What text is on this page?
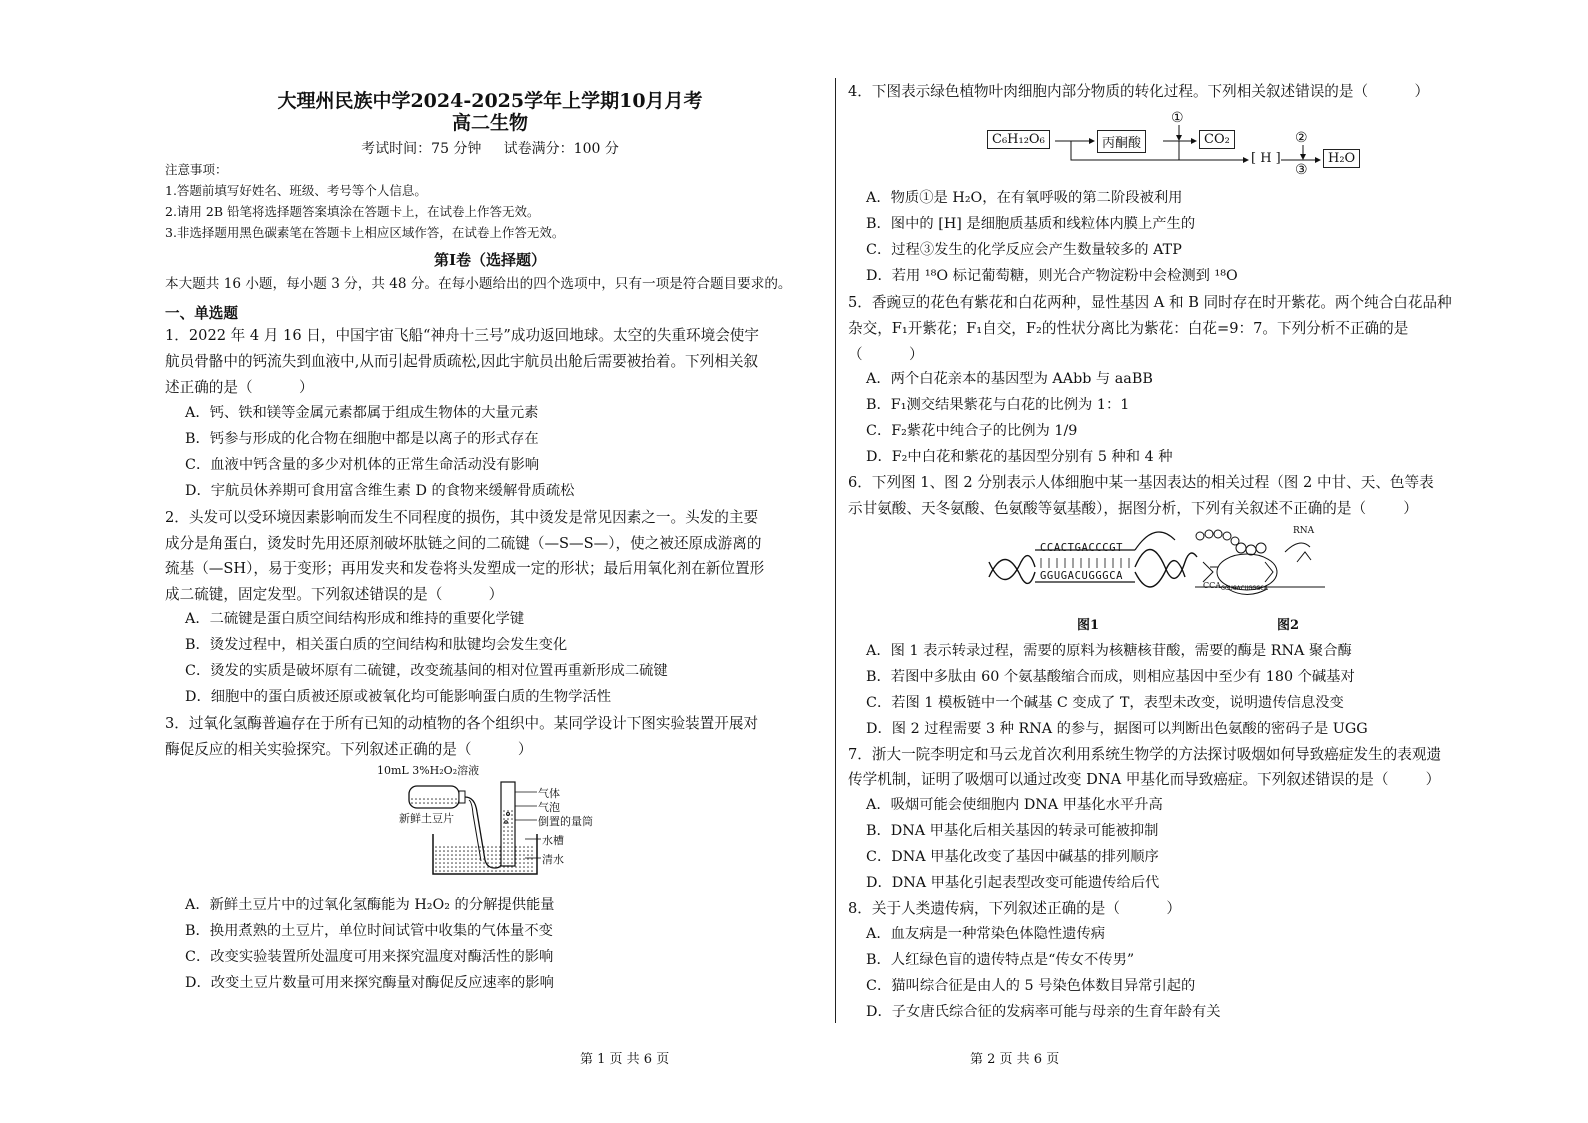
大理州民族中学2024-2025学年上学期10月月考
高二生物
考试时间：75 分钟     试卷满分：100 分
注意事项：
1.答题前填写好姓名、班级、考号等个人信息。
2.请用 2B 铅笔将选择题答案填涂在答题卡上，在试卷上作答无效。
3.非选择题用黑色碳素笔在答题卡上相应区域作答，在试卷上作答无效。
第Ⅰ卷（选择题）
本大题共 16 小题，每小题 3 分，共 48 分。在每小题给出的四个选项中，只有一项是符合题目要求的。
一、单选题
1．2022 年 4 月 16 日，中国宇宙飞船“神舟十三号”成功返回地球。太空的失重环境会使宇
航员骨骼中的钙流失到血液中,从而引起骨质疏松,因此宇航员出舱后需要被抬着。下列相关叙
述正确的是（          ）
A．钙、铁和镁等金属元素都属于组成生物体的大量元素
B．钙参与形成的化合物在细胞中都是以离子的形式存在
C．血液中钙含量的多少对机体的正常生命活动没有影响
D．宇航员休养期可食用富含维生素 D 的食物来缓解骨质疏松
2．头发可以受环境因素影响而发生不同程度的损伤，其中烫发是常见因素之一。头发的主要
成分是角蛋白，烫发时先用还原剂破坏肽链之间的二硫键（—S—S—），使之被还原成游离的
巯基（—SH），易于变形；再用发夹和发卷将头发塑成一定的形状；最后用氧化剂在新位置形
成二硫键，固定发型。下列叙述错误的是（          ）
A．二硫键是蛋白质空间结构形成和维持的重要化学键
B．烫发过程中，相关蛋白质的空间结构和肽键均会发生变化
C．烫发的实质是破坏原有二硫键，改变巯基间的相对位置再重新形成二硫键
D．细胞中的蛋白质被还原或被氧化均可能影响蛋白质的生物学活性
3．过氧化氢酶普遍存在于所有已知的动植物的各个组织中。某同学设计下图实验装置开展对
酶促反应的相关实验探究。下列叙述正确的是（          ）
10mL 3%H₂O₂溶液
新鲜土豆片
气体
气泡
倒置的量筒
水槽
清水
A．新鲜土豆片中的过氧化氢酶能为 H₂O₂ 的分解提供能量
B．换用煮熟的土豆片，单位时间试管中收集的气体量不变
C．改变实验装置所处温度可用来探究温度对酶活性的影响
D．改变土豆片数量可用来探究酶量对酶促反应速率的影响
4．下图表示绿色植物叶肉细胞内部分物质的转化过程。下列相关叙述错误的是（          ）
C₆H₁₂O₆	丙酮酸	CO₂
[ H ]	H₂O
①
②
③
A．物质①是 H₂O，在有氧呼吸的第二阶段被利用
B．图中的 [H] 是细胞质基质和线粒体内膜上产生的
C．过程③发生的化学反应会产生数量较多的 ATP
D．若用 ¹⁸O 标记葡萄糖，则光合产物淀粉中会检测到 ¹⁸O
5．香豌豆的花色有紫花和白花两种，显性基因 A 和 B 同时存在时开紫花。两个纯合白花品种
杂交，F₁开紫花；F₁自交，F₂的性状分离比为紫花：白花=9：7。下列分析不正确的是
（          ）
A．两个白花亲本的基因型为 AAbb 与 aaBB
B．F₁测交结果紫花与白花的比例为 1：1
C．F₂紫花中纯合子的比例为 1/9
D．F₂中白花和紫花的基因型分别有 5 种和 4 种
6．下列图 1、图 2 分别表示人体细胞中某一基因表达的相关过程（图 2 中甘、天、色等表
示甘氨酸、天冬氨酸、色氨酸等氨基酸），据图分析，下列有关叙述不正确的是（        ）
CCACTGACCCGT
GGUGACUGGGCA
RNA
CCA GGUGACUGGGCA
图1	图2
A．图 1 表示转录过程，需要的原料为核糖核苷酸，需要的酶是 RNA 聚合酶
B．若图中多肽由 60 个氨基酸缩合而成，则相应基因中至少有 180 个碱基对
C．若图 1 模板链中一个碱基 C 变成了 T，表型未改变，说明遗传信息没变
D．图 2 过程需要 3 种 RNA 的参与，据图可以判断出色氨酸的密码子是 UGG
7．浙大一院李明定和马云龙首次利用系统生物学的方法探讨吸烟如何导致癌症发生的表观遗
传学机制，证明了吸烟可以通过改变 DNA 甲基化而导致癌症。下列叙述错误的是（        ）
A．吸烟可能会使细胞内 DNA 甲基化水平升高
B．DNA 甲基化后相关基因的转录可能被抑制
C．DNA 甲基化改变了基因中碱基的排列顺序
D．DNA 甲基化引起表型改变可能遗传给后代
8．关于人类遗传病，下列叙述正确的是（          ）
A．血友病是一种常染色体隐性遗传病
B．人红绿色盲的遗传特点是“传女不传男”
C．猫叫综合征是由人的 5 号染色体数目异常引起的
D．子女唐氏综合征的发病率可能与母亲的生育年龄有关
第 1 页 共 6 页	第 2 页 共 6 页
